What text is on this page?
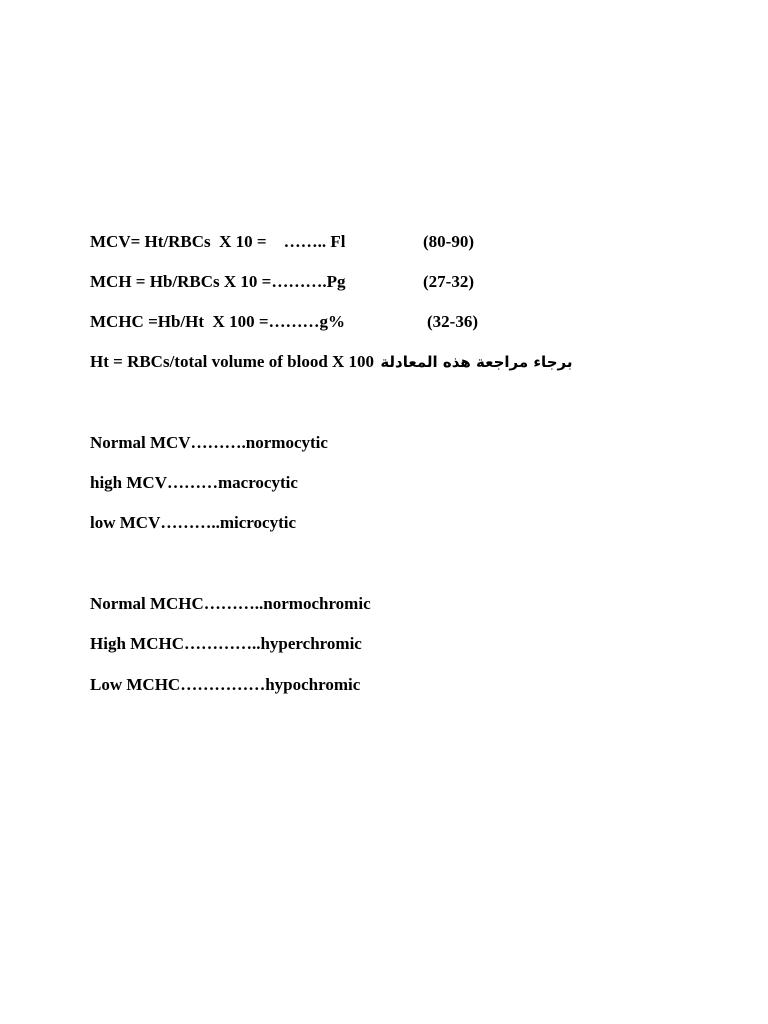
MCV= Ht/RBCs  X 10 =    …….. Fl	(80-90)
MCH = Hb/RBCs X 10 =……….Pg	(27-32)
MCHC =Hb/Ht  X 100 =………g%	(32-36)
Ht = RBCs/total volume of blood X 100 برجاء مراجعة هذه المعادلة
Normal MCV……….normocytic
high MCV………macrocytic
low MCV………..microcytic
Normal MCHC………..normochromic
High MCHC…………..hyperchromic
Low MCHC……………hypochromic
